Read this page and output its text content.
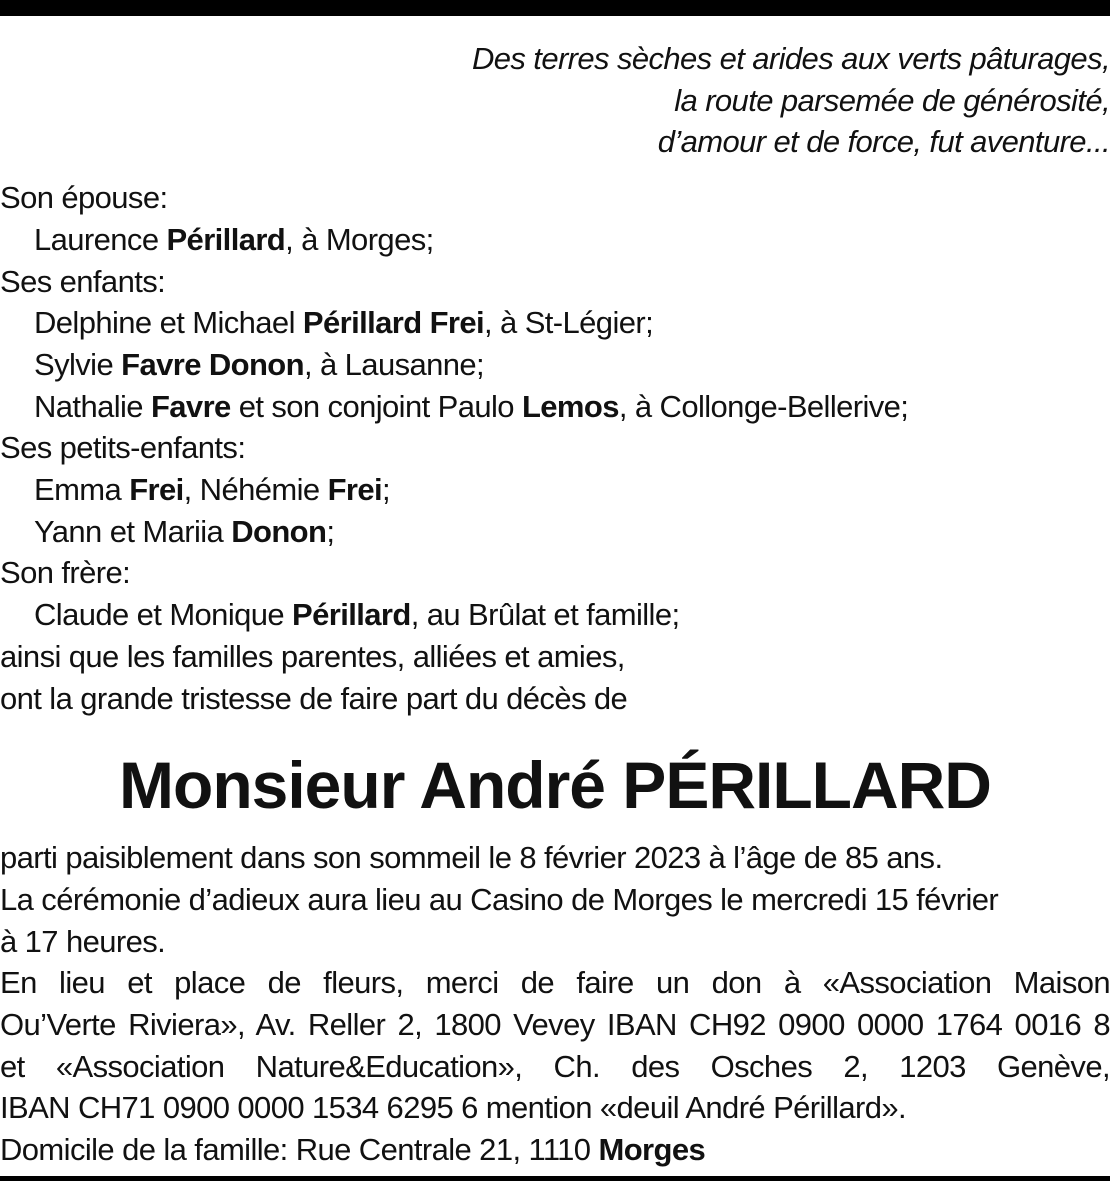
Des terres sèches et arides aux verts pâturages,
la route parsemée de générosité,
d’amour et de force, fut aventure...
Son épouse:
Laurence Périllard, à Morges;
Ses enfants:
Delphine et Michael Périllard Frei, à St-Légier;
Sylvie Favre Donon, à Lausanne;
Nathalie Favre et son conjoint Paulo Lemos, à Collonge-Bellerive;
Ses petits-enfants:
Emma Frei, Néhémie Frei;
Yann et Mariia Donon;
Son frère:
Claude et Monique Périllard, au Brûlat et famille;
ainsi que les familles parentes, alliées et amies,
ont la grande tristesse de faire part du décès de
Monsieur André PÉRILLARD
parti paisiblement dans son sommeil le 8 février 2023 à l’âge de 85 ans.
La cérémonie d’adieux aura lieu au Casino de Morges le mercredi 15 février
à 17 heures.
En lieu et place de fleurs, merci de faire un don à «Association Maison
Ou’Verte Riviera», Av. Reller 2, 1800 Vevey IBAN CH92 0900 0000 1764 0016 8
et «Association Nature&Education», Ch. des Osches 2, 1203 Genève,
IBAN CH71 0900 0000 1534 6295 6 mention «deuil André Périllard».
Domicile de la famille: Rue Centrale 21, 1110 Morges
